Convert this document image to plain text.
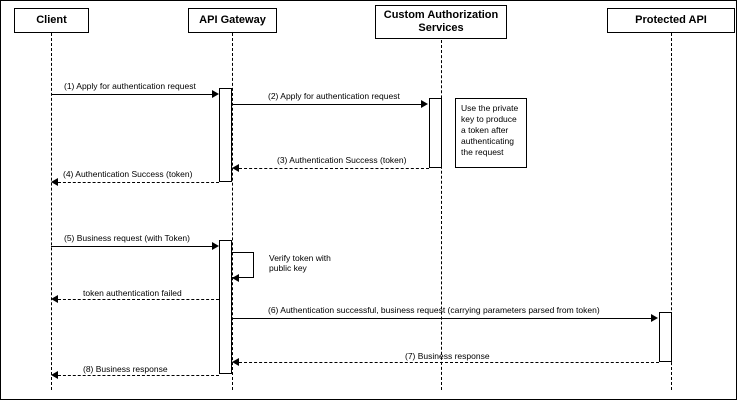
Client	API Gateway	Custom Authorization Services
Protected API
Use the private key to produce a token after authenticating the request
(1) Apply for authentication request
(2) Apply for authentication request
(3) Authentication Success (token)
(4) Authentication Success (token)
(5) Business request (with Token)
Verify token with public key
token authentication failed
(6) Authentication successful, business request (carrying parameters parsed from token)
(7) Business response
(8) Business response
